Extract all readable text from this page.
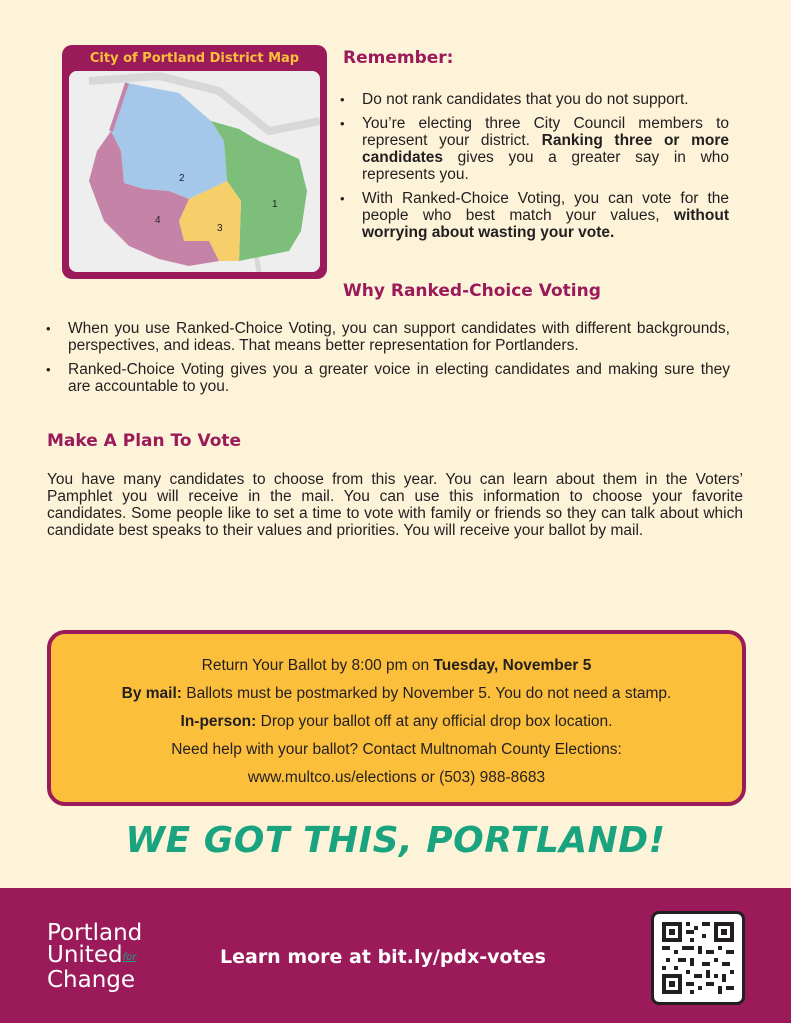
City of Portland District Map
1
2
3
4
Remember:
• Do not rank candidates that you do not support.
• You’re electing three City Council members to represent your district. Ranking three or more candidates gives you a greater say in who represents you.
• With Ranked-Choice Voting, you can vote for the people who best match your values, without worrying about wasting your vote.
Why Ranked-Choice Voting
• When you use Ranked-Choice Voting, you can support candidates with different backgrounds, perspectives, and ideas. That means better representation for Portlanders.
• Ranked-Choice Voting gives you a greater voice in electing candidates and making sure they are accountable to you.
Make A Plan To Vote

You have many candidates to choose from this year. You can learn about them in the Voters’ Pamphlet you will receive in the mail. You can use this information to choose your favorite candidates. Some people like to set a time to vote with family or friends so they can talk about which candidate best speaks to their values and priorities. You will receive your ballot by mail.

Return Your Ballot by 8:00 pm on Tuesday, November 5

By mail: Ballots must be postmarked by November 5. You do not need a stamp.

In-person: Drop your ballot off at any official drop box location.

Need help with your ballot? Contact Multnomah County Elections:

www.multco.us/elections or (503) 988-8683

WE GOT THIS, PORTLAND!
Portland
Unitedfor
Change
Learn more at bit.ly/pdx-votes
